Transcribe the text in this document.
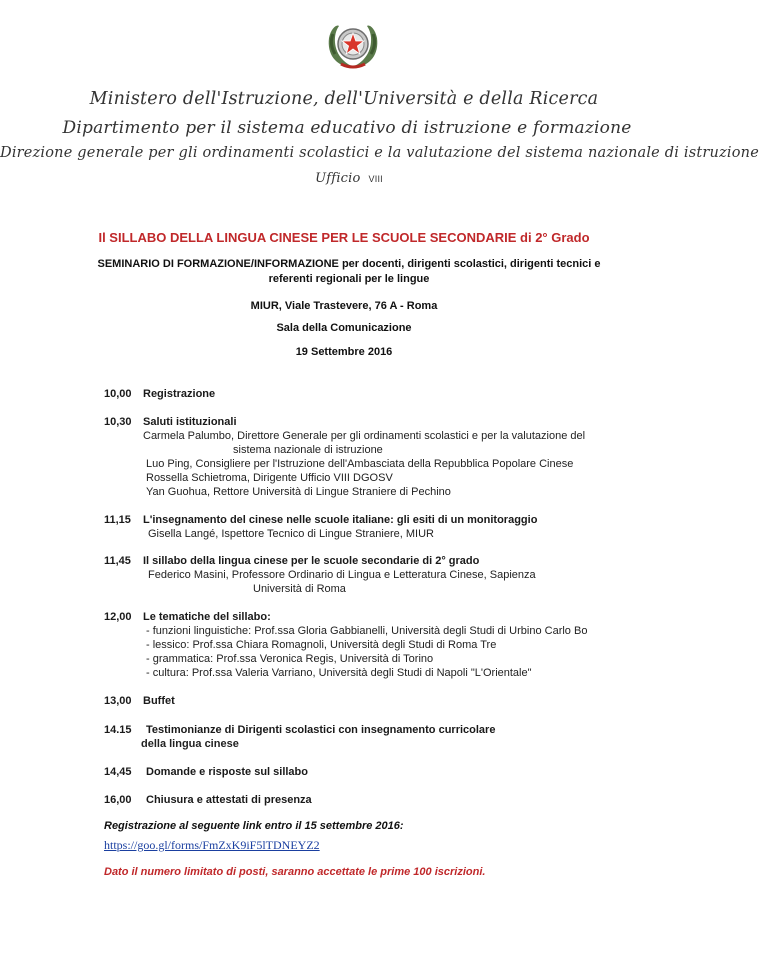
Ministero dell'Istruzione, dell'Università e della Ricerca
Dipartimento per il sistema educativo di istruzione e formazione
Direzione generale per gli ordinamenti scolastici e la valutazione del sistema nazionale di istruzione
Ufficio VIII
Il SILLABO DELLA LINGUA CINESE PER LE SCUOLE SECONDARIE di 2° Grado
SEMINARIO DI FORMAZIONE/INFORMAZIONE per docenti, dirigenti scolastici, dirigenti tecnici e
referenti regionali per le lingue
MIUR, Viale Trastevere, 76 A - Roma
Sala della Comunicazione
19 Settembre 2016
10,00 Registrazione
10,30 Saluti istituzionali
Carmela Palumbo, Direttore Generale per gli ordinamenti scolastici e per la valutazione del
sistema nazionale di istruzione
Luo Ping, Consigliere per l'Istruzione dell'Ambasciata della Repubblica Popolare Cinese
Rossella Schietroma, Dirigente Ufficio VIII DGOSV
Yan Guohua, Rettore Università di Lingue Straniere di Pechino
11,15 L'insegnamento del cinese nelle scuole italiane: gli esiti di un monitoraggio
Gisella Langé, Ispettore Tecnico di Lingue Straniere, MIUR
11,45 Il sillabo della lingua cinese per le scuole secondarie di 2° grado
Federico Masini, Professore Ordinario di Lingua e Letteratura Cinese, Sapienza
Università di Roma
12,00 Le tematiche del sillabo:
- funzioni linguistiche: Prof.ssa Gloria Gabbianelli, Università degli Studi di Urbino Carlo Bo
- lessico: Prof.ssa Chiara Romagnoli, Università degli Studi di Roma Tre
- grammatica: Prof.ssa Veronica Regis, Università di Torino
- cultura: Prof.ssa Valeria Varriano, Università degli Studi di Napoli "L'Orientale"
13,00 Buffet
14.15 Testimonianze di Dirigenti scolastici con insegnamento curricolare
della lingua cinese
14,45 Domande e risposte sul sillabo
16,00 Chiusura e attestati di presenza
Registrazione al seguente link entro il 15 settembre 2016:
https://goo.gl/forms/FmZxK9iF5lTDNEYZ2
Dato il numero limitato di posti, saranno accettate le prime 100 iscrizioni.
